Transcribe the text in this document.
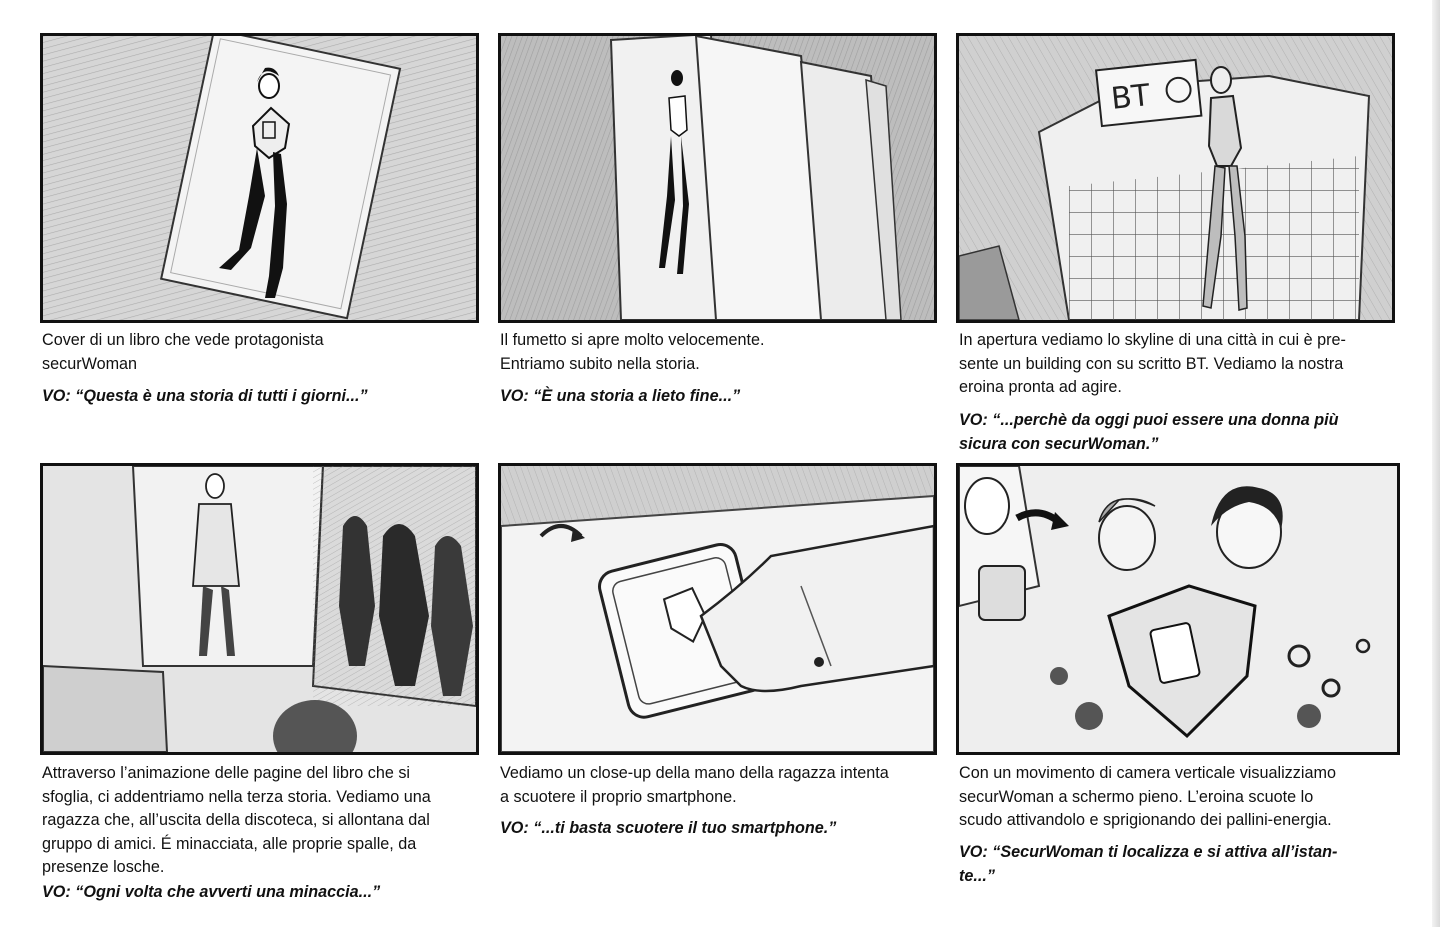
Cover di un libro che vede protagonista
securWoman

VO: “Questa è una storia di tutti i giorni...”

Il fumetto si apre molto velocemente.
Entriamo subito nella storia.

VO: “È una storia a lieto fine...”

BT

In apertura vediamo lo skyline di una città in cui è pre-
sente un building con su scritto BT. Vediamo la nostra
eroina pronta ad agire.

VO: “...perchè da oggi puoi essere una donna più
sicura con securWoman.”

Attraverso l’animazione delle pagine del libro che si
sfoglia, ci addentriamo nella terza storia. Vediamo una
ragazza che, all’uscita della discoteca, si allontana dal
gruppo di amici. É minacciata, alle proprie spalle, da
presenze losche.

VO: “Ogni volta che avverti una minaccia...”

Vediamo un close-up della mano della ragazza intenta
a scuotere il proprio smartphone.

VO: “...ti basta scuotere il tuo smartphone.”

Con un movimento di camera verticale visualizziamo
securWoman a schermo pieno. L’eroina scuote lo
scudo attivandolo e sprigionando dei pallini-energia.

VO: “SecurWoman ti localizza e si attiva all’istan-
te...”
